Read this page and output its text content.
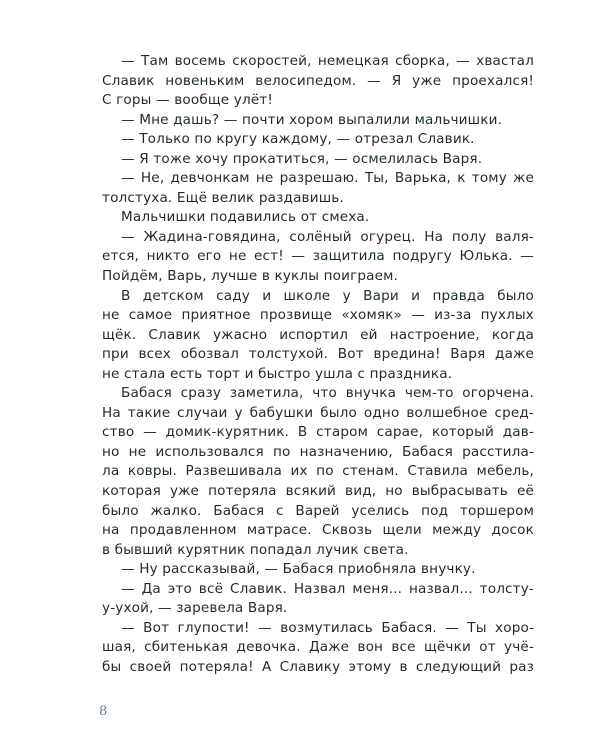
— Там восемь скоростей, немецкая сборка, — хвастал
Славик новеньким велосипедом. — Я уже проехался!
С горы — вообще улёт!
— Мне дашь? — почти хором выпалили мальчишки.
— Только по кругу каждому, — отрезал Славик.
— Я тоже хочу прокатиться, — осмелилась Варя.
— Не, девчонкам не разрешаю. Ты, Варька, к тому же
толстуха. Ещё велик раздавишь.
Мальчишки подавились от смеха.
— Жадина-говядина, солёный огурец. На полу валя-
ется, никто его не ест! — защитила подругу Юлька. —
Пойдём, Варь, лучше в куклы поиграем.
В детском саду и школе у Вари и правда было
не самое приятное прозвище «хомяк» — из-за пухлых
щёк. Славик ужасно испортил ей настроение, когда
при всех обозвал толстухой. Вот вредина! Варя даже
не стала есть торт и быстро ушла с праздника.
Бабася сразу заметила, что внучка чем-то огорчена.
На такие случаи у бабушки было одно волшебное сред-
ство — домик-курятник. В старом сарае, который дав-
но не использовался по назначению, Бабася расстила-
ла ковры. Развешивала их по стенам. Ставила мебель,
которая уже потеряла всякий вид, но выбрасывать её
было жалко. Бабася с Варей уселись под торшером
на продавленном матрасе. Сквозь щели между досок
в бывший курятник попадал лучик света.
— Ну рассказывай, — Бабася приобняла внучку.
— Да это всё Славик. Назвал меня... назвал... толсту-
у-ухой, — заревела Варя.
— Вот глупости! — возмутилась Бабася. — Ты хоро-
шая, сбитенькая девочка. Даже вон все щёчки от учё-
бы своей потеряла! А Славику этому в следующий раз
8
